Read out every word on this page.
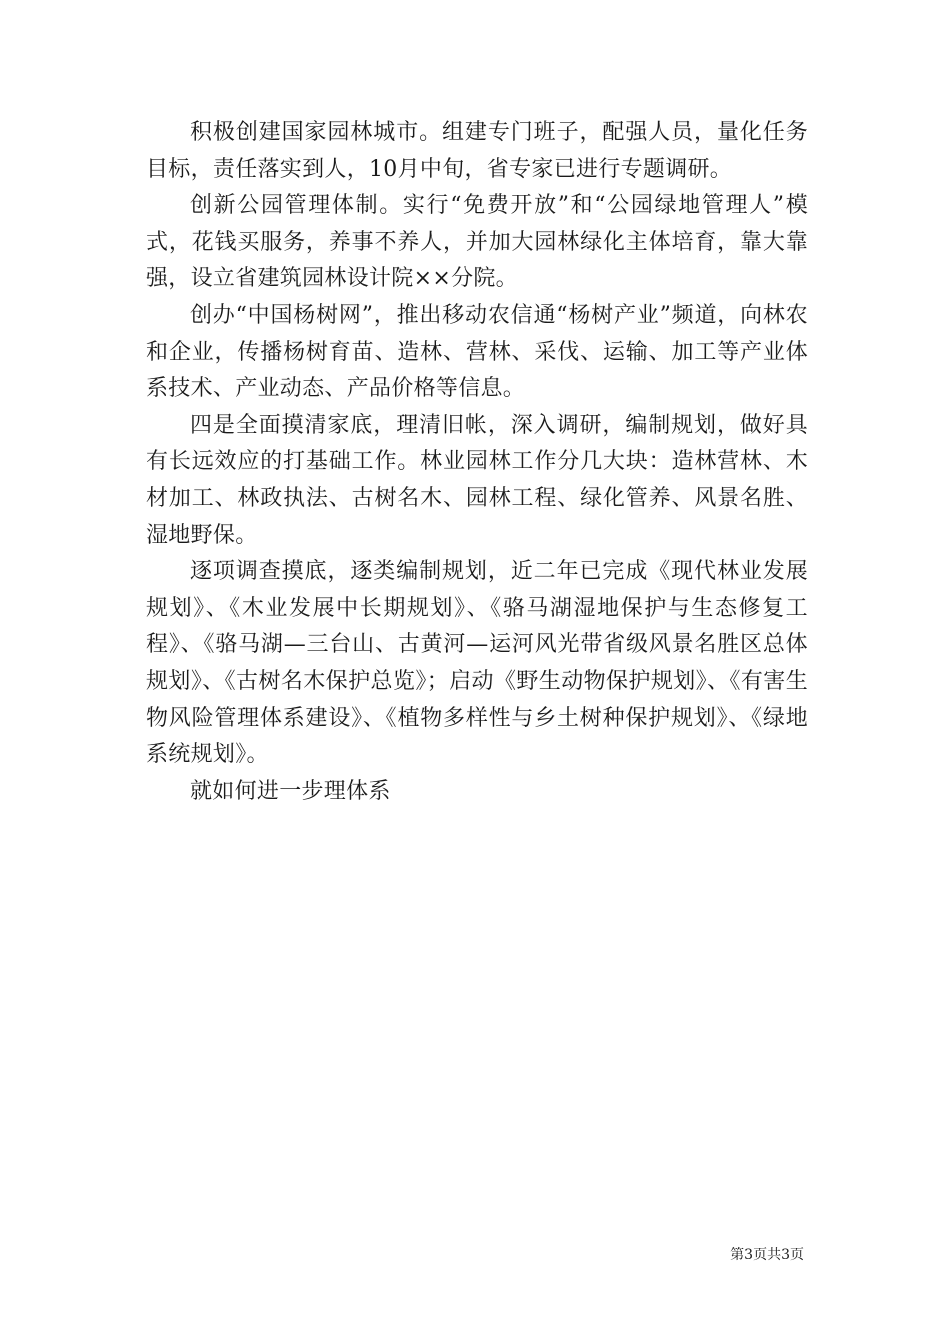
积极创建国家园林城市。组建专门班子，配强人员，量化任务目标，责任落实到人，10月中旬，省专家已进行专题调研。

创新公园管理体制。实行“免费开放”和“公园绿地管理人”模式，花钱买服务，养事不养人，并加大园林绿化主体培育，靠大靠强，设立省建筑园林设计院××分院。

创办“中国杨树网”，推出移动农信通“杨树产业”频道，向林农和企业，传播杨树育苗、造林、营林、采伐、运输、加工等产业体系技术、产业动态、产品价格等信息。

四是全面摸清家底，理清旧帐，深入调研，编制规划，做好具有长远效应的打基础工作。林业园林工作分几大块：造林营林、木材加工、林政执法、古树名木、园林工程、绿化管养、风景名胜、湿地野保。

逐项调查摸底，逐类编制规划，近二年已完成《现代林业发展规划》、《木业发展中长期规划》、《骆马湖湿地保护与生态修复工程》、《骆马湖—三台山、古黄河—运河风光带省级风景名胜区总体规划》、《古树名木保护总览》；启动《野生动物保护规划》、《有害生物风险管理体系建设》、《植物多样性与乡土树种保护规划》、《绿地系统规划》。

就如何进一步理体系

第3页共3页
